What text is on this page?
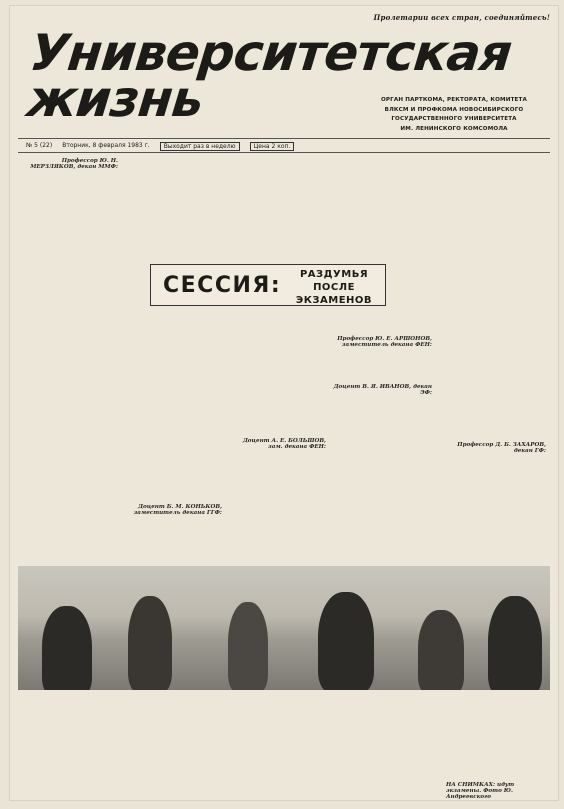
Пролетарии всех стран, соединяйтесь!
Университетская
жизнь	ОРГАН ПАРТКОМА, РЕКТОРАТА, КОМИТЕТА
ВЛКСМ И ПРОФКОМА НОВОСИБИРСКОГО
ГОСУДАРСТВЕННОГО УНИВЕРСИТЕТА
ИМ. ЛЕНИНСКОГО КОМСОМОЛА
№ 5 (22) Вторник, 8 февраля 1983 г.	Выходит раз в неделю	Цена 2 коп.
Профессор Ю. Н. МЕРЗЛЯКОВ, декан ММФ:
Профессор Д. Б. ЗАХАРОВ, декан ГФ:
СЕССИЯ:	РАЗДУМЬЯ
ПОСЛЕ ЭКЗАМЕНОВ
Доцент Б. М. КОНЬКОВ, заместитель декана ГГФ:
Доцент А. Е. БОЛЬШОВ, зам. декана ФЕН:
Профессор Ю. Е. АРШОНОВ, заместитель декана ФЕН:
Доцент В. Я. ИВАНОВ, декан ЭФ:
НА СНИМКАХ: идут экзамены. Фото Ю. Андреевского
